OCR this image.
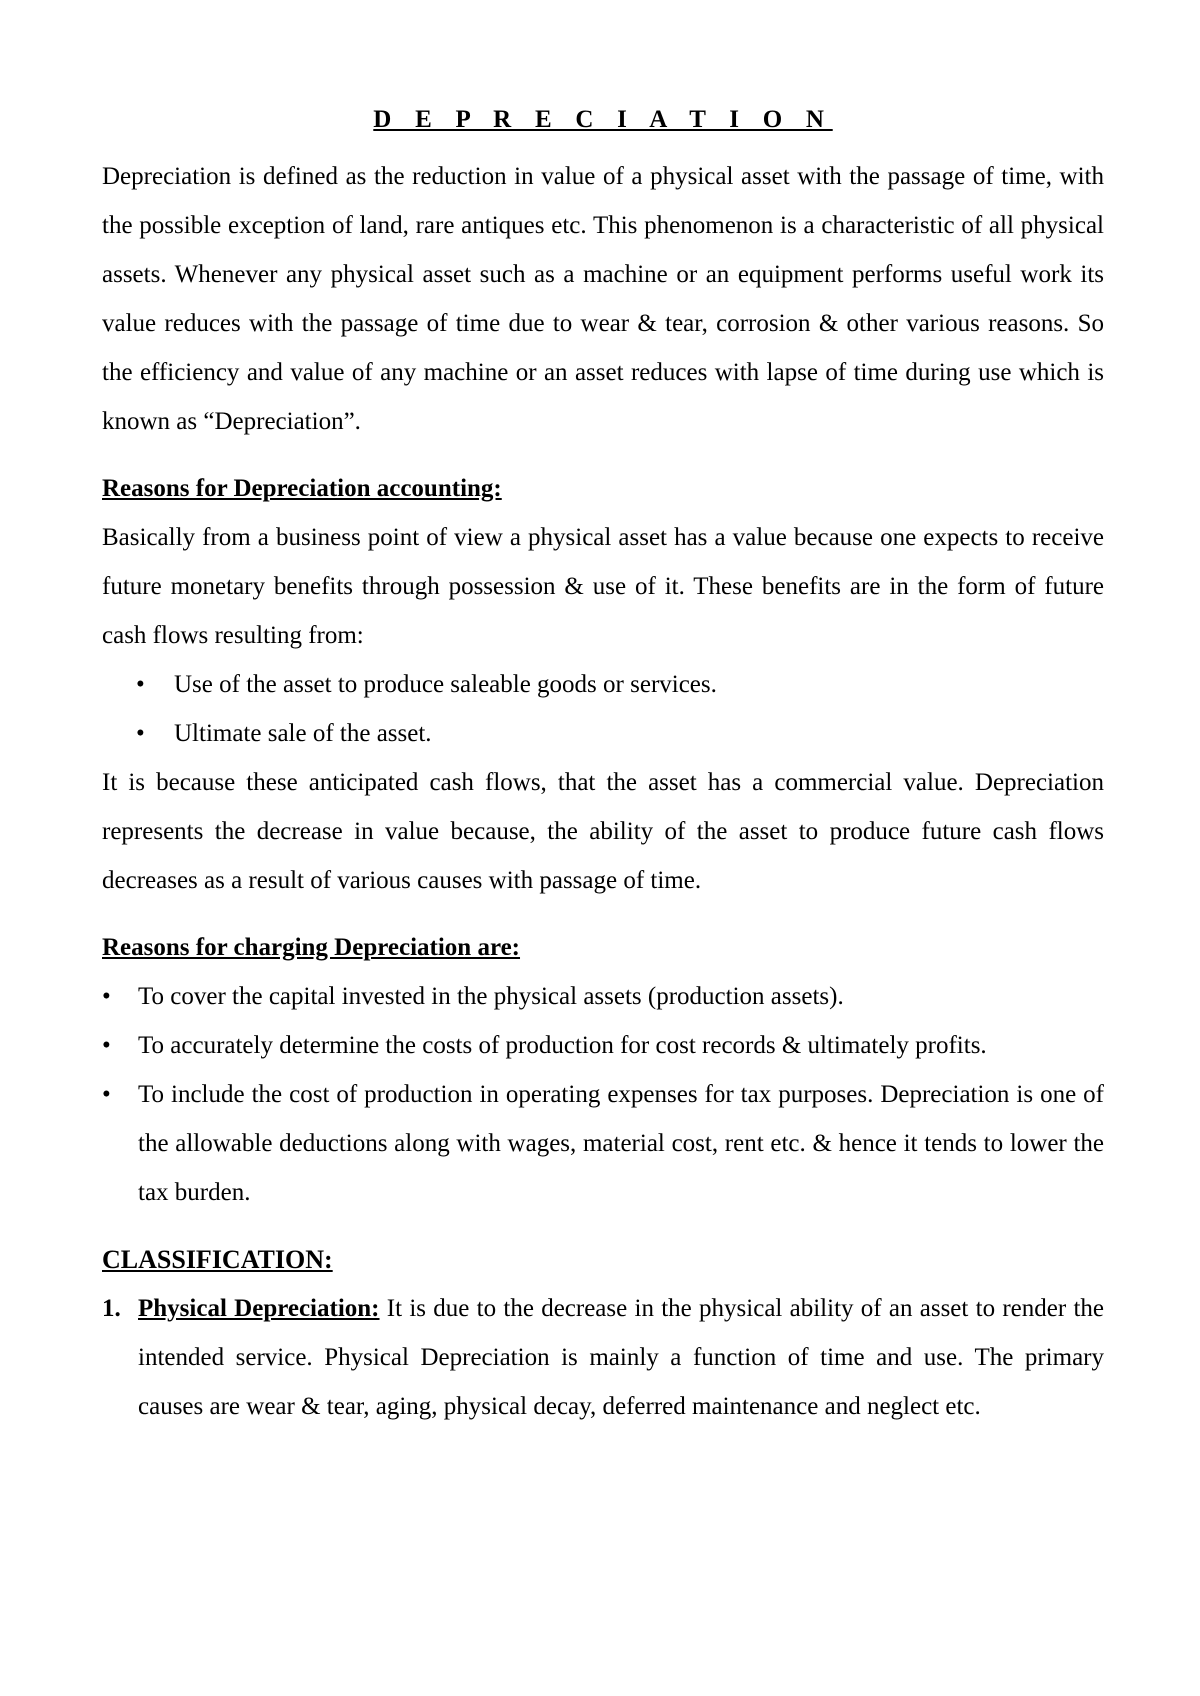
D E P R E C I A T I O N

Depreciation is defined as the reduction in value of a physical asset with the passage of time, with the possible exception of land, rare antiques etc. This phenomenon is a characteristic of all physical assets. Whenever any physical asset such as a machine or an equipment performs useful work its value reduces with the passage of time due to wear & tear, corrosion & other various reasons. So the efficiency and value of any machine or an asset reduces with lapse of time during use which is known as “Depreciation”.

Reasons for Depreciation accounting:

Basically from a business point of view a physical asset has a value because one expects to receive future monetary benefits through possession & use of it. These benefits are in the form of future cash flows resulting from:

• Use of the asset to produce saleable goods or services.
• Ultimate sale of the asset.

It is because these anticipated cash flows, that the asset has a commercial value. Depreciation represents the decrease in value because, the ability of the asset to produce future cash flows decreases as a result of various causes with passage of time.

Reasons for charging Depreciation are:
• To cover the capital invested in the physical assets (production assets).
• To accurately determine the costs of production for cost records & ultimately profits.
• To include the cost of production in operating expenses for tax purposes. Depreciation is one of the allowable deductions along with wages, material cost, rent etc. & hence it tends to lower the tax burden.
CLASSIFICATION:
1. Physical Depreciation: It is due to the decrease in the physical ability of an asset to render the intended service. Physical Depreciation is mainly a function of time and use. The primary causes are wear & tear, aging, physical decay, deferred maintenance and neglect etc.
